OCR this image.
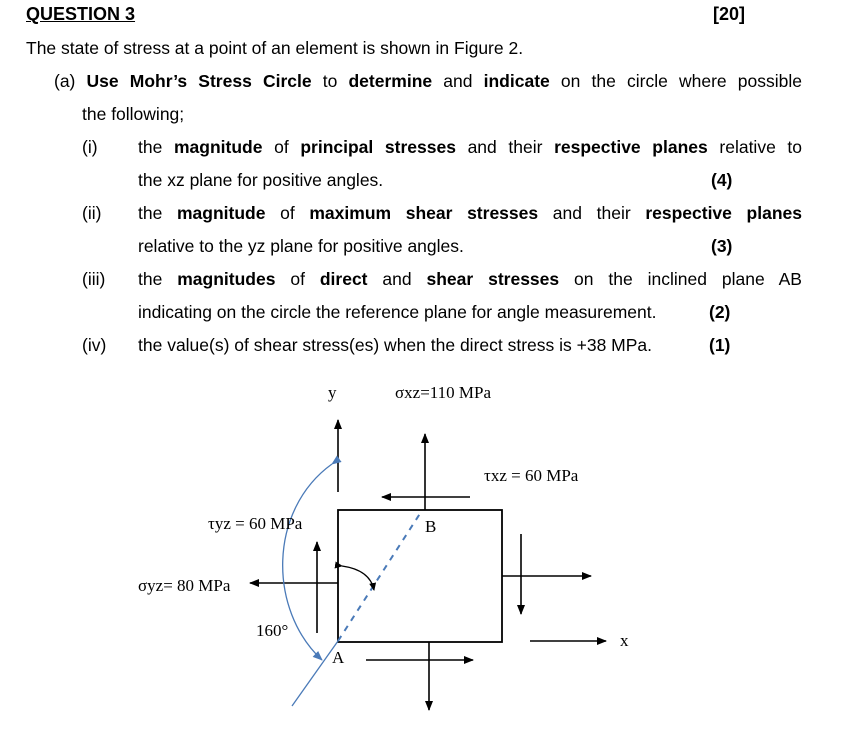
QUESTION 3	[20]
The state of stress at a point of an element is shown in Figure 2.
(a) Use Mohr’s Stress Circle to determine and indicate on the circle where possible
the following;
(i) the magnitude of principal stresses and their respective planes relative to
the xz plane for positive angles.	(4)
(ii) the magnitude of maximum shear stresses and their respective planes
relative to the yz plane for positive angles.	(3)
(iii) the magnitudes of direct and shear stresses on the inclined plane AB
indicating on the circle the reference plane for angle measurement.	(2)
(iv) the value(s) of shear stress(es) when the direct stress is +38 MPa.	(1)
y
x
σxz=110 MPa
τxz = 60 MPa
τyz = 60 MPa
σyz= 80 MPa
160°
A
B
